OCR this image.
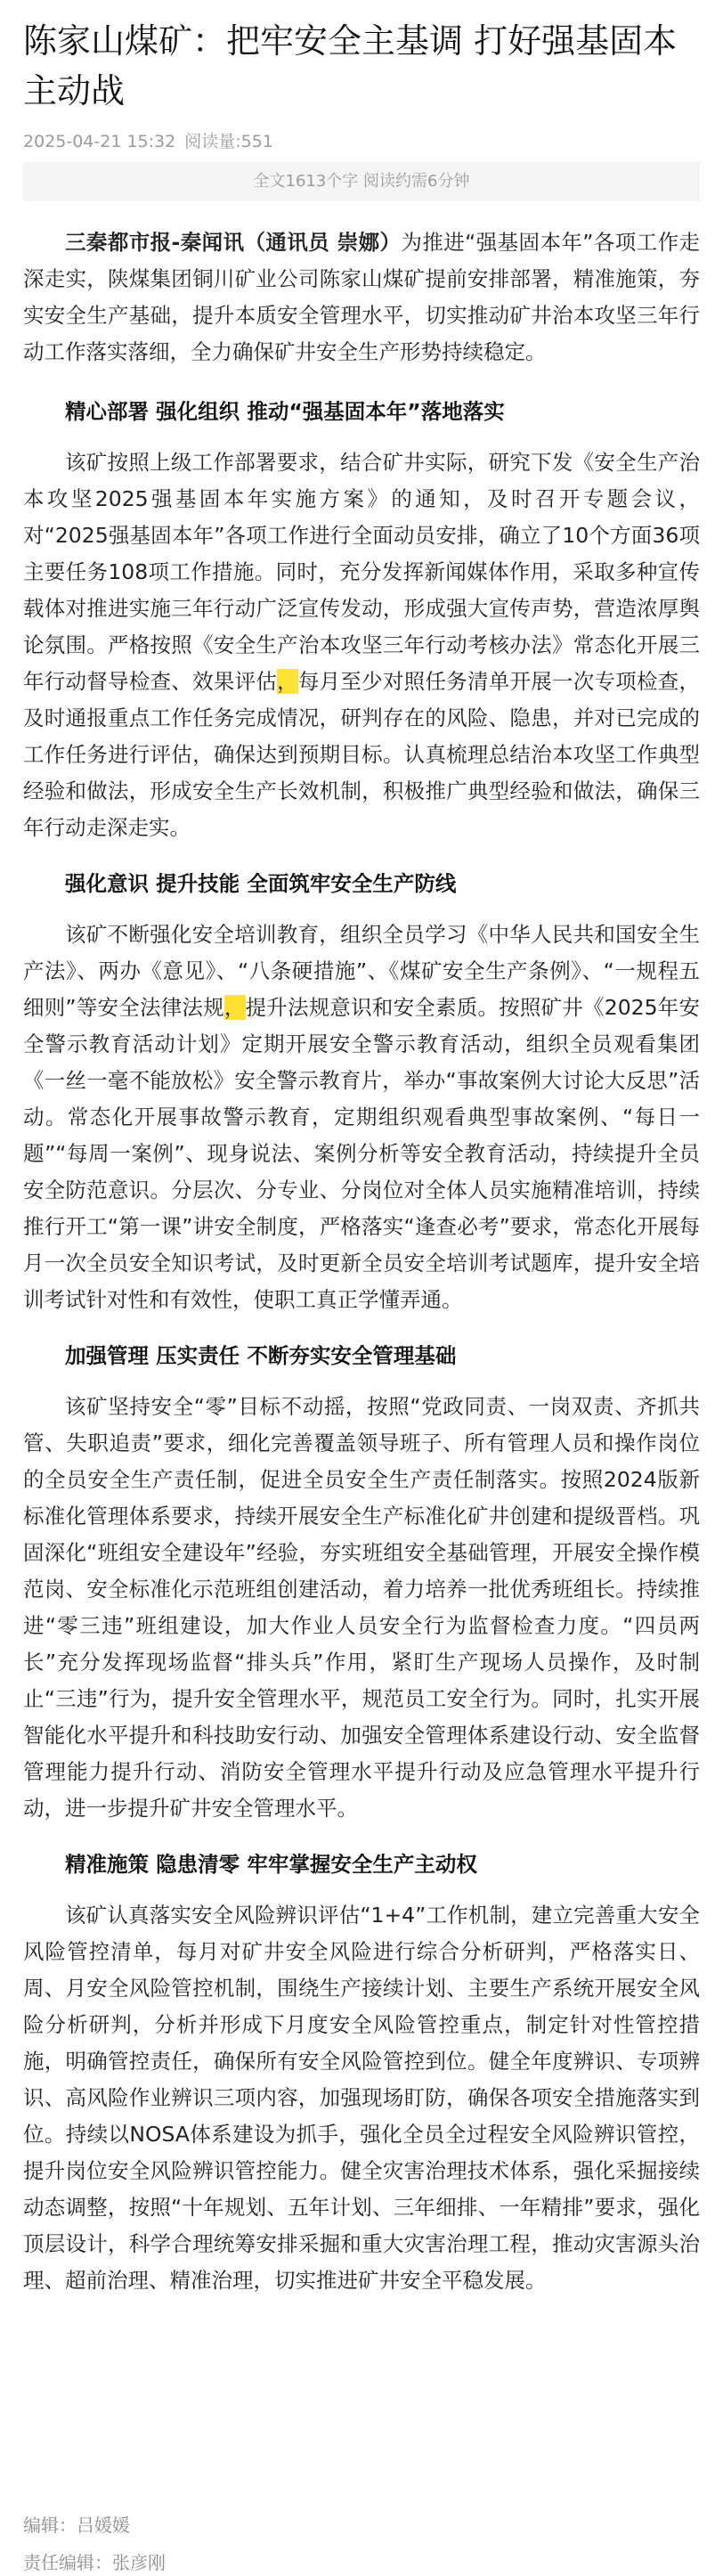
陈家山煤矿：把牢安全主基调 打好强基固本主动战
2025-04-21 15:32 阅读量:551
全文1613个字 阅读约需6分钟

三秦都市报-秦闻讯（通讯员 崇娜）为推进“强基固本年”各项工作走深走实，陕煤集团铜川矿业公司陈家山煤矿提前安排部署，精准施策，夯实安全生产基础，提升本质安全管理水平，切实推动矿井治本攻坚三年行动工作落实落细，全力确保矿井安全生产形势持续稳定。

精心部署 强化组织 推动“强基固本年”落地落实

该矿按照上级工作部署要求，结合矿井实际，研究下发《安全生产治本攻坚2025强基固本年实施方案》的通知，及时召开专题会议，对“2025强基固本年”各项工作进行全面动员安排，确立了10个方面36项主要任务108项工作措施。同时，充分发挥新闻媒体作用，采取多种宣传载体对推进实施三年行动广泛宣传发动，形成强大宣传声势，营造浓厚舆论氛围。严格按照《安全生产治本攻坚三年行动考核办法》常态化开展三年行动督导检查、效果评估，每月至少对照任务清单开展一次专项检查，及时通报重点工作任务完成情况，研判存在的风险、隐患，并对已完成的工作任务进行评估，确保达到预期目标。认真梳理总结治本攻坚工作典型经验和做法，形成安全生产长效机制，积极推广典型经验和做法，确保三年行动走深走实。

强化意识 提升技能 全面筑牢安全生产防线

该矿不断强化安全培训教育，组织全员学习《中华人民共和国安全生产法》、两办《意见》、“八条硬措施”、《煤矿安全生产条例》、“一规程五细则”等安全法律法规，提升法规意识和安全素质。按照矿井《2025年安全警示教育活动计划》定期开展安全警示教育活动，组织全员观看集团《一丝一毫不能放松》安全警示教育片，举办“事故案例大讨论大反思”活动。常态化开展事故警示教育，定期组织观看典型事故案例、“每日一题”“每周一案例”、现身说法、案例分析等安全教育活动，持续提升全员安全防范意识。分层次、分专业、分岗位对全体人员实施精准培训，持续推行开工“第一课”讲安全制度，严格落实“逢查必考”要求，常态化开展每月一次全员安全知识考试，及时更新全员安全培训考试题库，提升安全培训考试针对性和有效性，使职工真正学懂弄通。

加强管理 压实责任 不断夯实安全管理基础

该矿坚持安全“零”目标不动摇，按照“党政同责、一岗双责、齐抓共管、失职追责”要求，细化完善覆盖领导班子、所有管理人员和操作岗位的全员安全生产责任制，促进全员安全生产责任制落实。按照2024版新标准化管理体系要求，持续开展安全生产标准化矿井创建和提级晋档。巩固深化“班组安全建设年”经验，夯实班组安全基础管理，开展安全操作模范岗、安全标准化示范班组创建活动，着力培养一批优秀班组长。持续推进“零三违”班组建设，加大作业人员安全行为监督检查力度。“四员两长”充分发挥现场监督“排头兵”作用，紧盯生产现场人员操作，及时制止“三违”行为，提升安全管理水平，规范员工安全行为。同时，扎实开展智能化水平提升和科技助安行动、加强安全管理体系建设行动、安全监督管理能力提升行动、消防安全管理水平提升行动及应急管理水平提升行动，进一步提升矿井安全管理水平。

精准施策 隐患清零 牢牢掌握安全生产主动权

该矿认真落实安全风险辨识评估“1+4”工作机制，建立完善重大安全风险管控清单，每月对矿井安全风险进行综合分析研判，严格落实日、周、月安全风险管控机制，围绕生产接续计划、主要生产系统开展安全风险分析研判，分析并形成下月度安全风险管控重点，制定针对性管控措施，明确管控责任，确保所有安全风险管控到位。健全年度辨识、专项辨识、高风险作业辨识三项内容，加强现场盯防，确保各项安全措施落实到位。持续以NOSA体系建设为抓手，强化全员全过程安全风险辨识管控，提升岗位安全风险辨识管控能力。健全灾害治理技术体系，强化采掘接续动态调整，按照“十年规划、五年计划、三年细排、一年精排”要求，强化顶层设计，科学合理统筹安排采掘和重大灾害治理工程，推动灾害源头治理、超前治理、精准治理，切实推进矿井安全平稳发展。

编辑：吕媛媛
责任编辑：张彦刚
